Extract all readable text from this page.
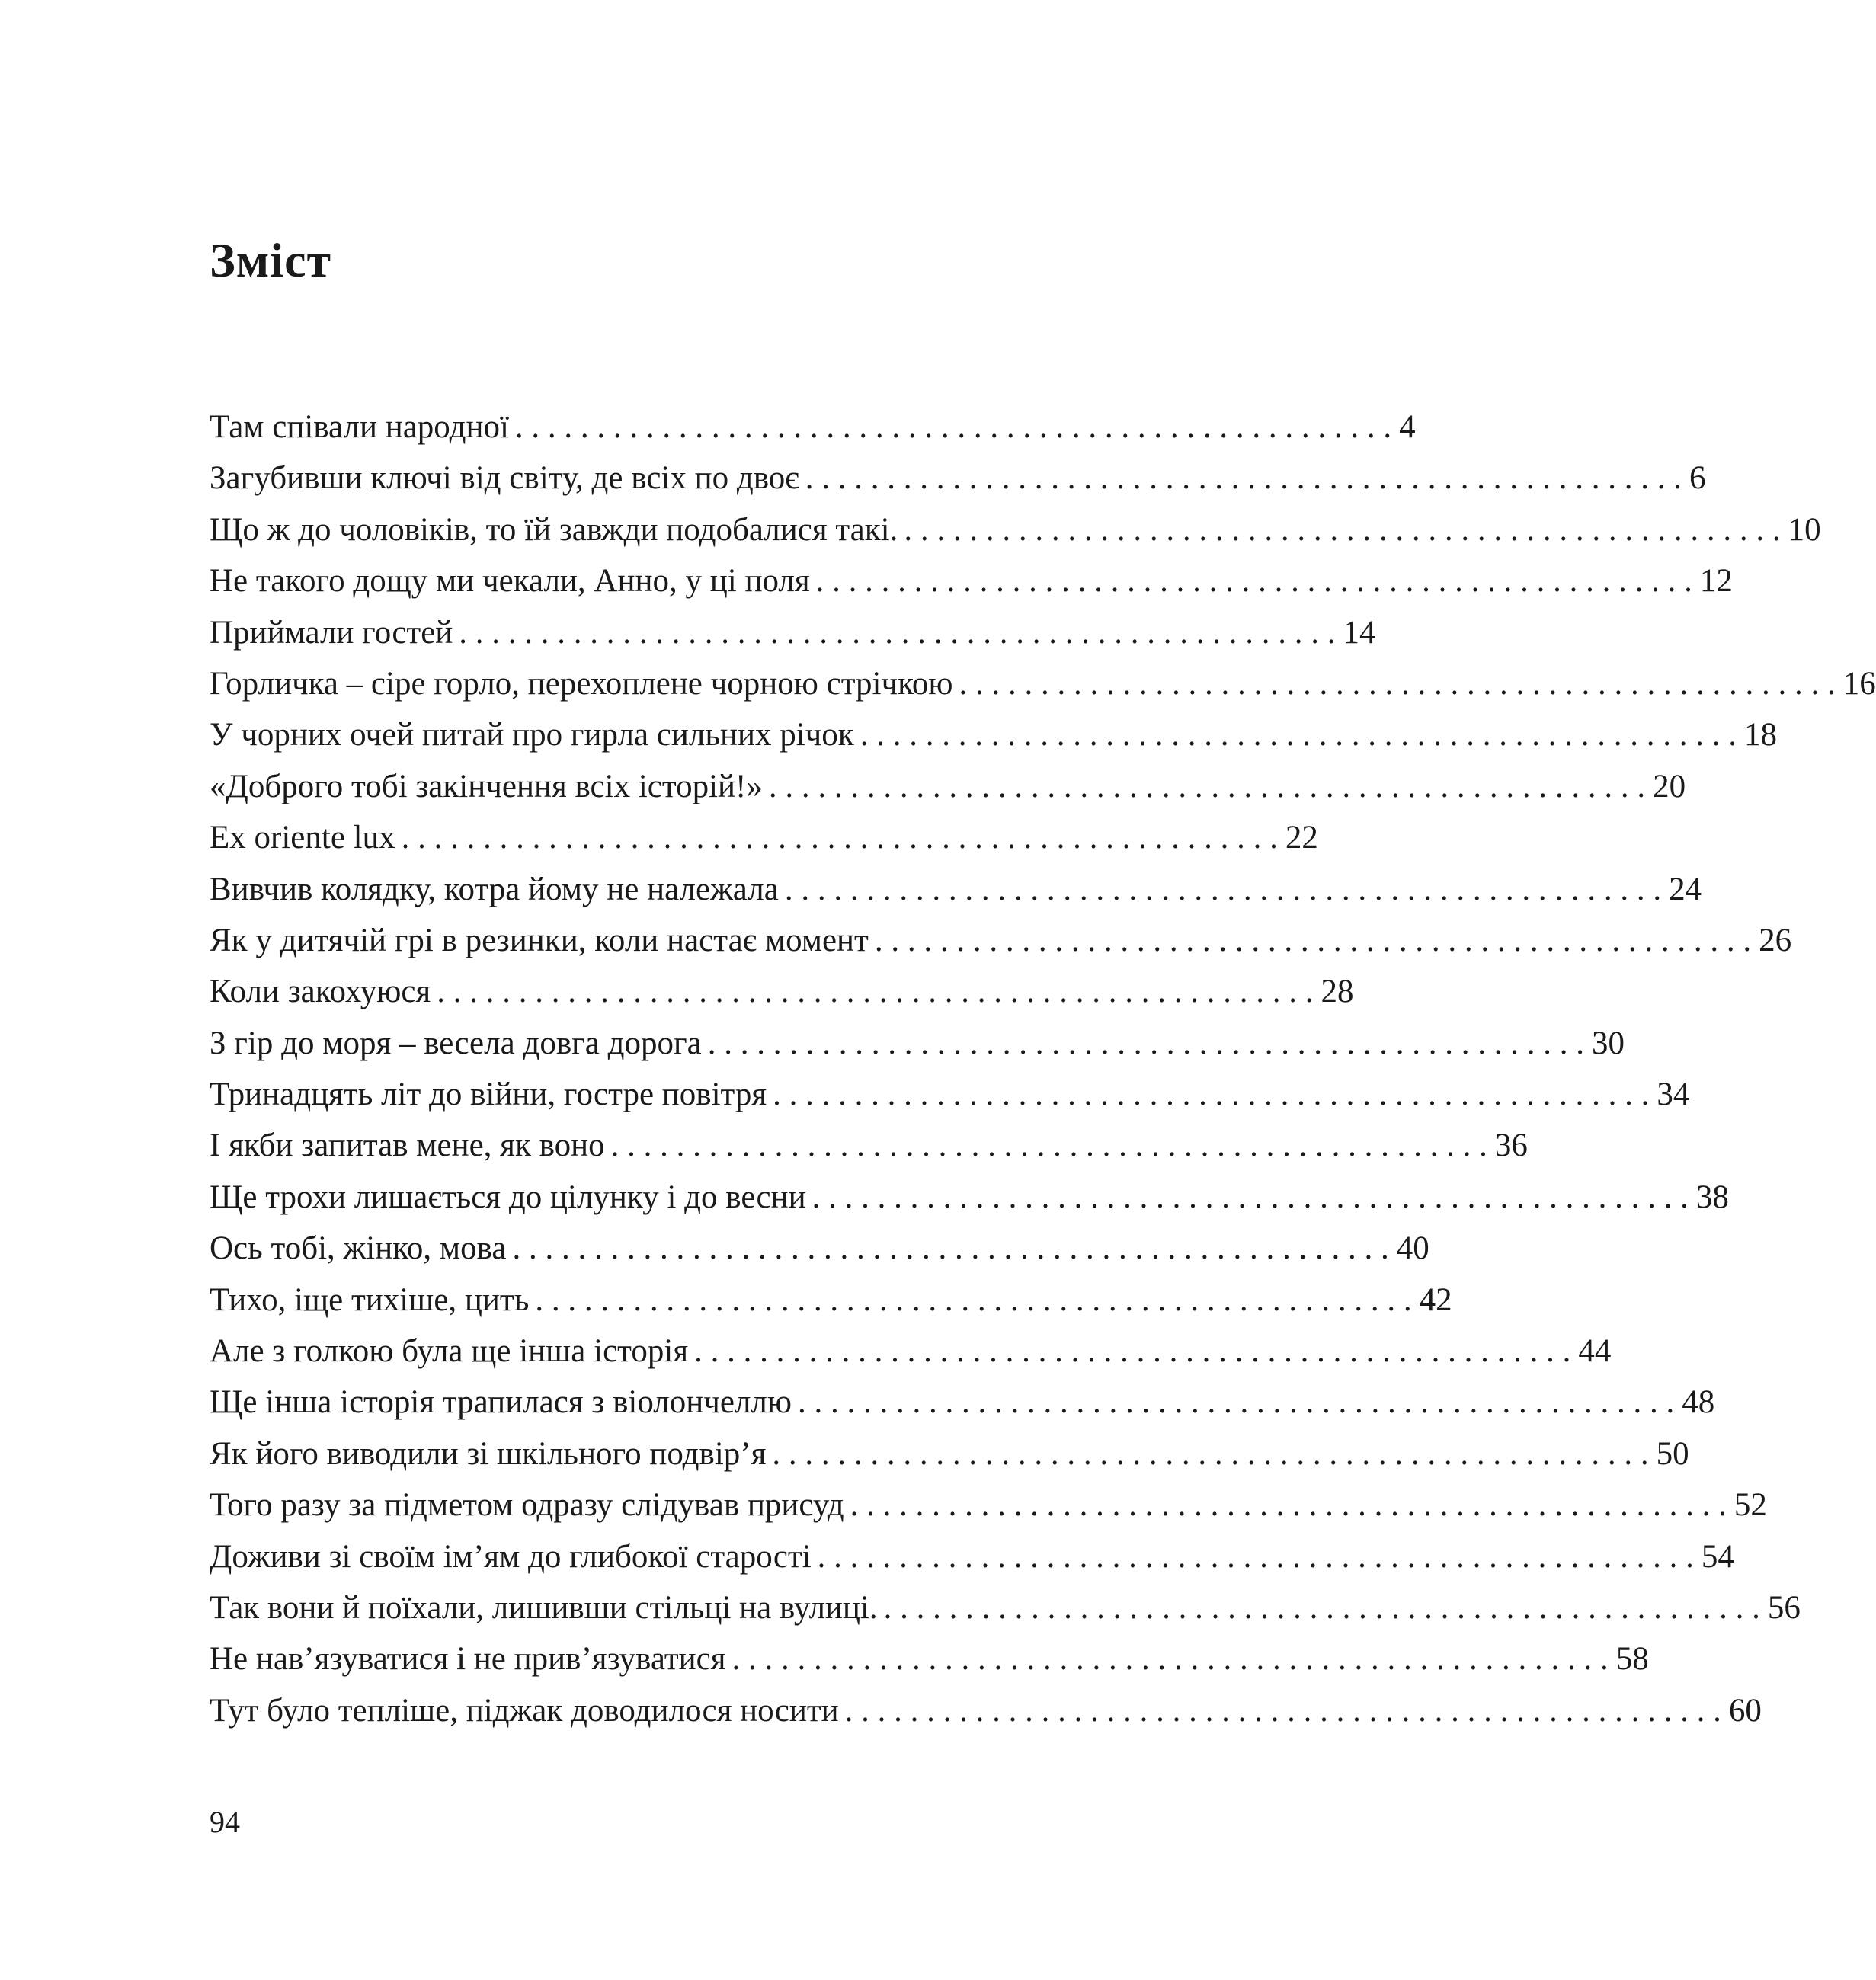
Зміст
Там співали народної . . . . . . . . . . . . . . . . . . . . . . . . . . . . . . . . . . . . . . . . . . . . . . . . . . . . . . 4
Загубивши ключі від світу, де всіх по двоє . . . . . . . . . . . . . . . . . . . . . . . . . . . . . . . . . . . . . . . . . . . . . . . . . . . . . . 6
Що ж до чоловіків, то їй завжди подобалися такі. . . . . . . . . . . . . . . . . . . . . . . . . . . . . . . . . . . . . . . . . . . . . . . . . . . . . . . 10
Не такого дощу ми чекали, Анно, у ці поля . . . . . . . . . . . . . . . . . . . . . . . . . . . . . . . . . . . . . . . . . . . . . . . . . . . . . . 12
Приймали гостей . . . . . . . . . . . . . . . . . . . . . . . . . . . . . . . . . . . . . . . . . . . . . . . . . . . . . . 14
Горличка – сіре горло, перехоплене чорною стрічкою . . . . . . . . . . . . . . . . . . . . . . . . . . . . . . . . . . . . . . . . . . . . . . . . . . . . . . 16
У чорних очей питай про гирла сильних річок . . . . . . . . . . . . . . . . . . . . . . . . . . . . . . . . . . . . . . . . . . . . . . . . . . . . . . 18
«Доброго тобі закінчення всіх історій!» . . . . . . . . . . . . . . . . . . . . . . . . . . . . . . . . . . . . . . . . . . . . . . . . . . . . . . 20
Ex oriente lux . . . . . . . . . . . . . . . . . . . . . . . . . . . . . . . . . . . . . . . . . . . . . . . . . . . . . . 22
Вивчив колядку, котра йому не належала . . . . . . . . . . . . . . . . . . . . . . . . . . . . . . . . . . . . . . . . . . . . . . . . . . . . . . 24
Як у дитячій грі в резинки, коли настає момент . . . . . . . . . . . . . . . . . . . . . . . . . . . . . . . . . . . . . . . . . . . . . . . . . . . . . . 26
Коли закохуюся . . . . . . . . . . . . . . . . . . . . . . . . . . . . . . . . . . . . . . . . . . . . . . . . . . . . . . 28
З гір до моря – весела довга дорога . . . . . . . . . . . . . . . . . . . . . . . . . . . . . . . . . . . . . . . . . . . . . . . . . . . . . . 30
Тринадцять літ до війни, гостре повітря . . . . . . . . . . . . . . . . . . . . . . . . . . . . . . . . . . . . . . . . . . . . . . . . . . . . . . 34
І якби запитав мене, як воно . . . . . . . . . . . . . . . . . . . . . . . . . . . . . . . . . . . . . . . . . . . . . . . . . . . . . . 36
Ще трохи лишається до цілунку і до весни . . . . . . . . . . . . . . . . . . . . . . . . . . . . . . . . . . . . . . . . . . . . . . . . . . . . . . 38
Ось тобі, жінко, мова . . . . . . . . . . . . . . . . . . . . . . . . . . . . . . . . . . . . . . . . . . . . . . . . . . . . . . 40
Тихо, іще тихіше, цить . . . . . . . . . . . . . . . . . . . . . . . . . . . . . . . . . . . . . . . . . . . . . . . . . . . . . . 42
Але з голкою була ще інша історія . . . . . . . . . . . . . . . . . . . . . . . . . . . . . . . . . . . . . . . . . . . . . . . . . . . . . . 44
Ще інша історія трапилася з віолончеллю . . . . . . . . . . . . . . . . . . . . . . . . . . . . . . . . . . . . . . . . . . . . . . . . . . . . . . 48
Як його виводили зі шкільного подвір’я . . . . . . . . . . . . . . . . . . . . . . . . . . . . . . . . . . . . . . . . . . . . . . . . . . . . . . 50
Того разу за підметом одразу слідував присуд . . . . . . . . . . . . . . . . . . . . . . . . . . . . . . . . . . . . . . . . . . . . . . . . . . . . . . 52
Доживи зі своїм ім’ям до глибокої старості . . . . . . . . . . . . . . . . . . . . . . . . . . . . . . . . . . . . . . . . . . . . . . . . . . . . . . 54
Так вони й поїхали, лишивши стільці на вулиці. . . . . . . . . . . . . . . . . . . . . . . . . . . . . . . . . . . . . . . . . . . . . . . . . . . . . . . 56
Не нав’язуватися і не прив’язуватися . . . . . . . . . . . . . . . . . . . . . . . . . . . . . . . . . . . . . . . . . . . . . . . . . . . . . . 58
Тут було тепліше, піджак доводилося носити . . . . . . . . . . . . . . . . . . . . . . . . . . . . . . . . . . . . . . . . . . . . . . . . . . . . . . 60
94
